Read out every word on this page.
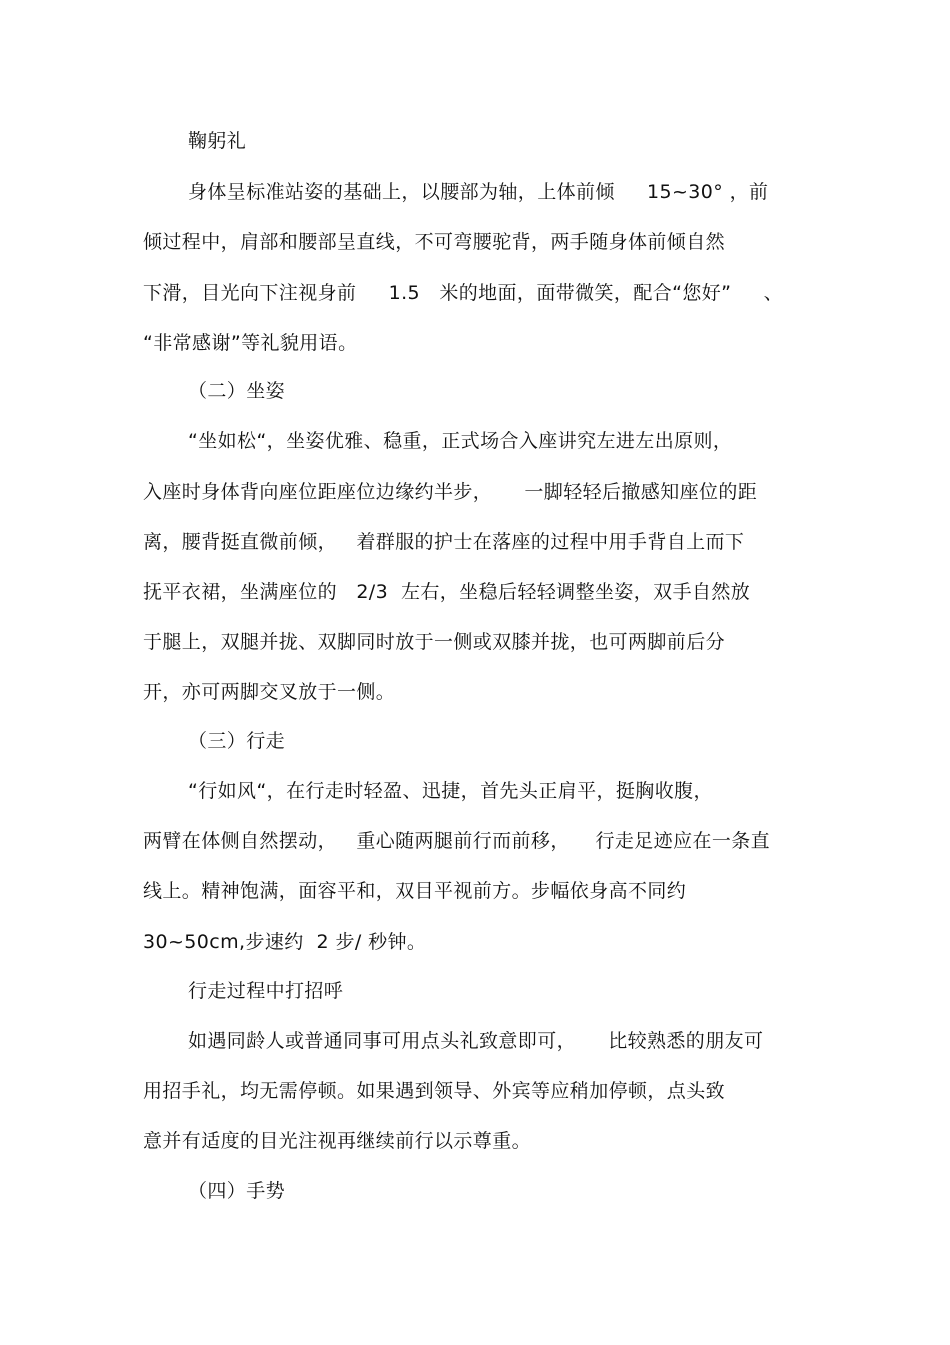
鞠躬礼
身体呈标准站姿的基础上，以腰部为轴，上体前倾     15~30° ，前
倾过程中，肩部和腰部呈直线，不可弯腰驼背，两手随身体前倾自然
下滑，目光向下注视身前     1.5   米的地面，面带微笑，配合“您好”     、
“非常感谢”等礼貌用语。
（二）坐姿
“坐如松“，坐姿优雅、稳重，正式场合入座讲究左进左出原则，
入座时身体背向座位距座位边缘约半步，     一脚轻轻后撤感知座位的距
离，腰背挺直微前倾，   着群服的护士在落座的过程中用手背自上而下
抚平衣裙，坐满座位的   2/3  左右，坐稳后轻轻调整坐姿，双手自然放
于腿上，双腿并拢、双脚同时放于一侧或双膝并拢，也可两脚前后分
开，亦可两脚交叉放于一侧。
（三）行走
“行如风“，在行走时轻盈、迅捷，首先头正肩平，挺胸收腹，
两臂在体侧自然摆动，   重心随两腿前行而前移，    行走足迹应在一条直
线上。精神饱满，面容平和，双目平视前方。步幅依身高不同约
30~50cm,步速约  2 步/ 秒钟。
行走过程中打招呼
如遇同龄人或普通同事可用点头礼致意即可，     比较熟悉的朋友可
用招手礼，均无需停顿。如果遇到领导、外宾等应稍加停顿，点头致
意并有适度的目光注视再继续前行以示尊重。
（四）手势
